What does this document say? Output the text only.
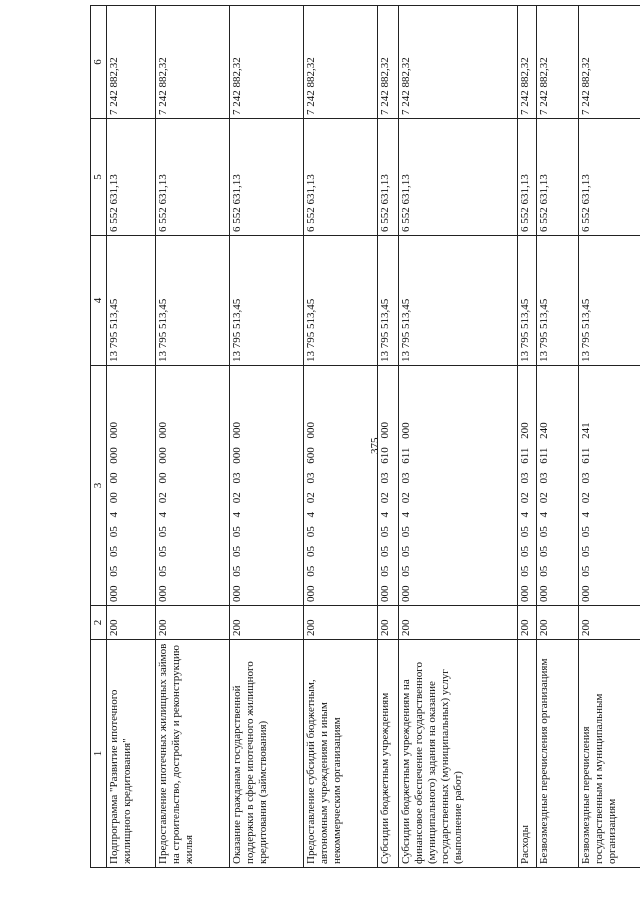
375
1	2	3	4	5	6
Подпрограмма "Развитие ипотечного жилищного кредитования"	200	000 05 05 05 4 00 00 000 000	13 795 513,45	6 552 631,13	7 242 882,32
Предоставление ипотечных жилищных займов на строительство, достройку и реконструкцию жилья	200	000 05 05 05 4 02 00 000 000	13 795 513,45	6 552 631,13	7 242 882,32
Оказание гражданам государственной поддержки в сфере ипотечного жилищного кредитования (займствования)	200	000 05 05 05 4 02 03 000 000	13 795 513,45	6 552 631,13	7 242 882,32
Предоставление субсидий бюджетным, автономным учреждениям и иным некоммерческим организациям	200	000 05 05 05 4 02 03 600 000	13 795 513,45	6 552 631,13	7 242 882,32
Субсидии бюджетным учреждениям	200	000 05 05 05 4 02 03 610 000	13 795 513,45	6 552 631,13	7 242 882,32
Субсидии бюджетным учреждениям на финансовое обеспечение государственного (муниципального) задания на оказание государственных (муниципальных) услуг (выполнение работ)	200	000 05 05 05 4 02 03 611 000	13 795 513,45	6 552 631,13	7 242 882,32
Расходы	200	000 05 05 05 4 02 03 611 200	13 795 513,45	6 552 631,13	7 242 882,32
Безвозмездные перечисления организациям	200	000 05 05 05 4 02 03 611 240	13 795 513,45	6 552 631,13	7 242 882,32
Безвозмездные перечисления государственным и муниципальным организациям	200	000 05 05 05 4 02 03 611 241	13 795 513,45	6 552 631,13	7 242 882,32
